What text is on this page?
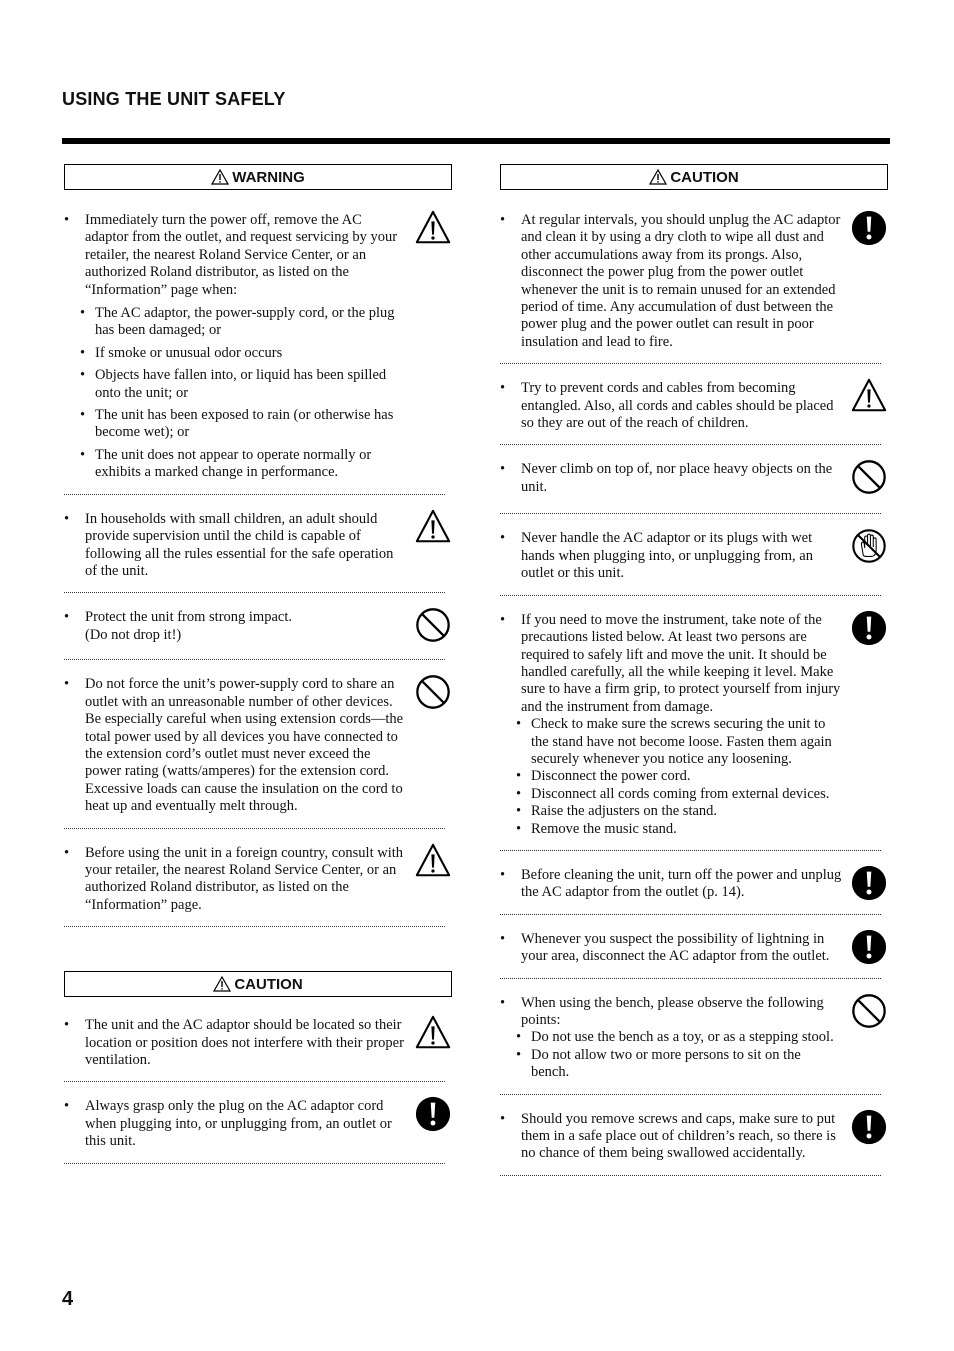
USING THE UNIT SAFELY
WARNING
• Immediately turn the power off, remove the AC adaptor from the outlet, and request servicing by your retailer, the nearest Roland Service Center, or an authorized Roland distributor, as listed on the “Information” page when:
• The AC adaptor, the power-supply cord, or the plug has been damaged; or
• If smoke or unusual odor occurs
• Objects have fallen into, or liquid has been spilled onto the unit; or
• The unit has been exposed to rain (or otherwise has become wet); or
• The unit does not appear to operate normally or exhibits a marked change in performance.
• In households with small children, an adult should provide supervision until the child is capable of following all the rules essential for the safe operation of the unit.
• Protect the unit from strong impact.
(Do not drop it!)
• Do not force the unit’s power-supply cord to share an outlet with an unreasonable number of other devices. Be especially careful when using extension cords—the total power used by all devices you have connected to the extension cord’s outlet must never exceed the power rating (watts/amperes) for the extension cord. Excessive loads can cause the insulation on the cord to heat up and eventually melt through.
• Before using the unit in a foreign country, consult with your retailer, the nearest Roland Service Center, or an authorized Roland distributor, as listed on the “Information” page.
CAUTION
• The unit and the AC adaptor should be located so their location or position does not interfere with their proper ventilation.
• Always grasp only the plug on the AC adaptor cord when plugging into, or unplugging from, an outlet or this unit.
CAUTION
• At regular intervals, you should unplug the AC adaptor and clean it by using a dry cloth to wipe all dust and other accumulations away from its prongs. Also, disconnect the power plug from the power outlet whenever the unit is to remain unused for an extended period of time. Any accumulation of dust between the power plug and the power outlet can result in poor insulation and lead to fire.
• Try to prevent cords and cables from becoming entangled. Also, all cords and cables should be placed so they are out of the reach of children.
• Never climb on top of, nor place heavy objects on the unit.
• Never handle the AC adaptor or its plugs with wet hands when plugging into, or unplugging from, an outlet or this unit.
• If you need to move the instrument, take note of the precautions listed below. At least two persons are required to safely lift and move the unit. It should be handled carefully, all the while keeping it level. Make sure to have a firm grip, to protect yourself from injury and the instrument from damage.
• Check to make sure the screws securing the unit to the stand have not become loose. Fasten them again securely whenever you notice any loosening.
• Disconnect the power cord.
• Disconnect all cords coming from external devices.
• Raise the adjusters on the stand.
• Remove the music stand.
• Before cleaning the unit, turn off the power and unplug the AC adaptor from the outlet (p. 14).
• Whenever you suspect the possibility of lightning in your area, disconnect the AC adaptor from the outlet.
• When using the bench, please observe the following points:
• Do not use the bench as a toy, or as a stepping stool.
• Do not allow two or more persons to sit on the bench.
• Should you remove screws and caps, make sure to put them in a safe place out of children’s reach, so there is no chance of them being swallowed accidentally.
4
